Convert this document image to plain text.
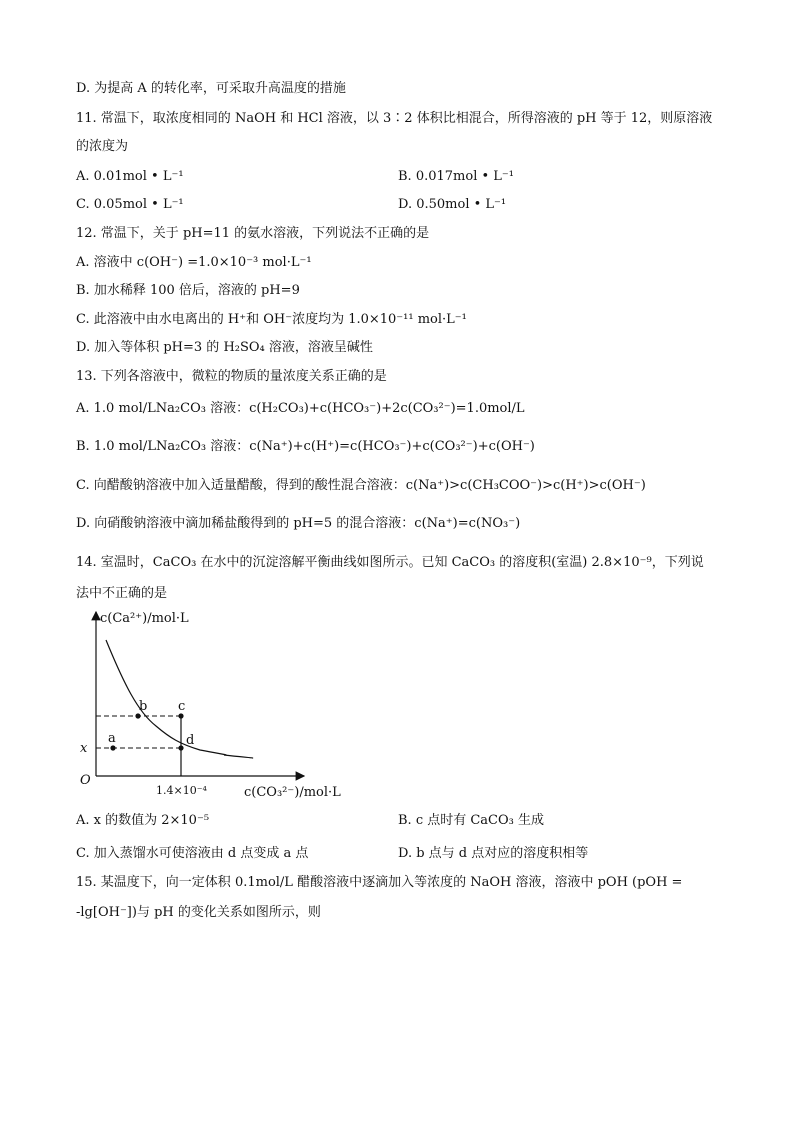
D. 为提高 A 的转化率，可采取升高温度的措施
11. 常温下，取浓度相同的 NaOH 和 HCl 溶液，以 3∶2 体积比相混合，所得溶液的 pH 等于 12，则原溶液
的浓度为
A. 0.01mol • L⁻¹	B. 0.017mol • L⁻¹
C. 0.05mol • L⁻¹	D. 0.50mol • L⁻¹
12. 常温下，关于 pH=11 的氨水溶液，下列说法不正确的是
A. 溶液中 c(OH⁻) =1.0×10⁻³ mol·L⁻¹
B. 加水稀释 100 倍后，溶液的 pH=9
C. 此溶液中由水电离出的 H⁺和 OH⁻浓度均为 1.0×10⁻¹¹ mol·L⁻¹
D. 加入等体积 pH=3 的 H₂SO₄ 溶液，溶液呈碱性
13. 下列各溶液中，微粒的物质的量浓度关系正确的是
A. 1.0 mol/LNa₂CO₃ 溶液：c(H₂CO₃)+c(HCO₃⁻)+2c(CO₃²⁻)=1.0mol/L
B. 1.0 mol/LNa₂CO₃ 溶液：c(Na⁺)+c(H⁺)=c(HCO₃⁻)+c(CO₃²⁻)+c(OH⁻)
C. 向醋酸钠溶液中加入适量醋酸，得到的酸性混合溶液：c(Na⁺)>c(CH₃COO⁻)>c(H⁺)>c(OH⁻)
D. 向硝酸钠溶液中滴加稀盐酸得到的 pH=5 的混合溶液：c(Na⁺)=c(NO₃⁻)
14. 室温时，CaCO₃ 在水中的沉淀溶解平衡曲线如图所示。已知 CaCO₃ 的溶度积(室温) 2.8×10⁻⁹，下列说
法中不正确的是
b c
a	d
x
O
c(Ca²⁺)/mol·L
1.4×10⁻⁴	c(CO₃²⁻)/mol·L
A. x 的数值为 2×10⁻⁵	B. c 点时有 CaCO₃ 生成
C. 加入蒸馏水可使溶液由 d 点变成 a 点	D. b 点与 d 点对应的溶度积相等
15. 某温度下，向一定体积 0.1mol/L 醋酸溶液中逐滴加入等浓度的 NaOH 溶液，溶液中 pOH (pOH =
-lg[OH⁻])与 pH 的变化关系如图所示，则
